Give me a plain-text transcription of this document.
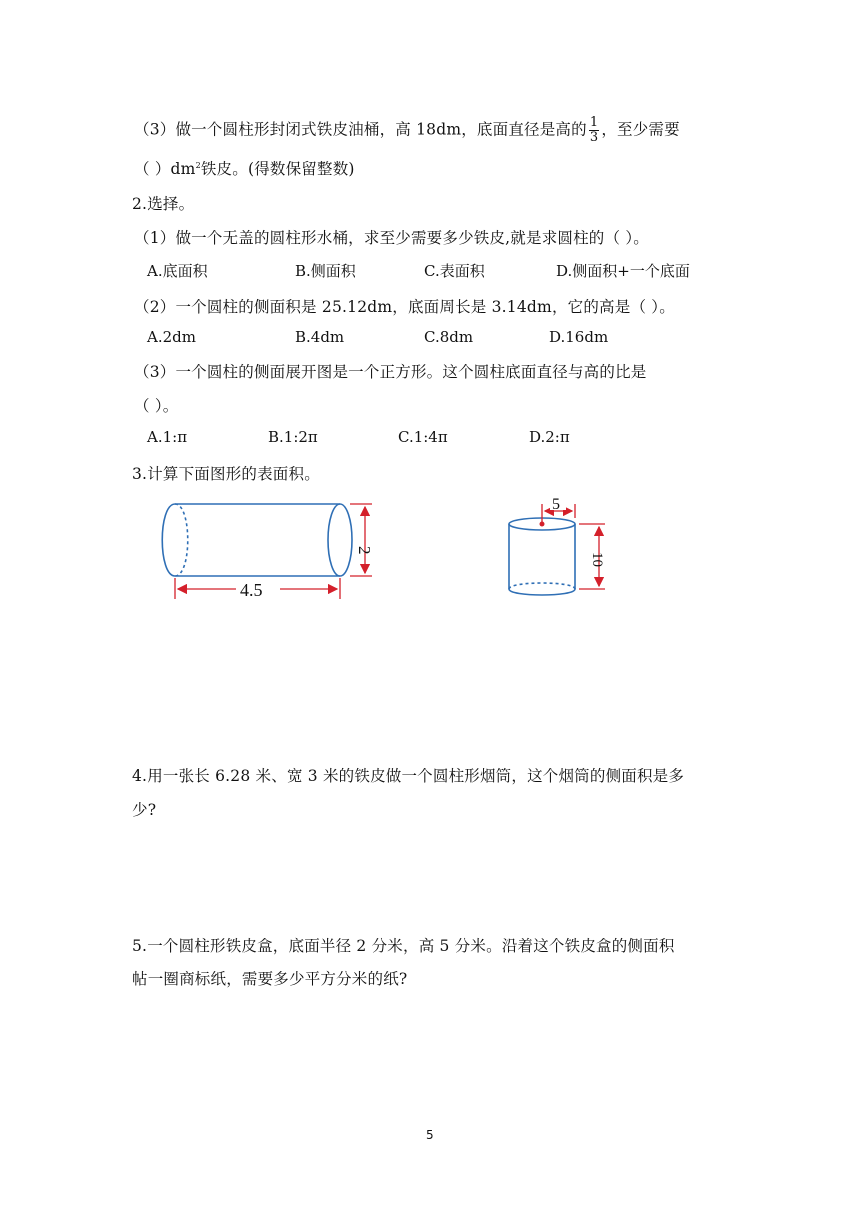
（3）做一个圆柱形封闭式铁皮油桶，高 18dm，底面直径是高的 $\frac{1}{3}$ ，至少需要
（ ）$dm^2$铁皮。(得数保留整数)
2.选择。
（1）做一个无盖的圆柱形水桶，求至少需要多少铁皮,就是求圆柱的（ ）。
A.底面积	B.侧面积	C.表面积	D.侧面积+一个底面
（2）一个圆柱的侧面积是 25.12dm，底面周长是 3.14dm，它的高是（ ）。
A.2dm	B.4dm	C.8dm	D.16dm
（3）一个圆柱的侧面展开图是一个正方形。这个圆柱底面直径与高的比是
（ ）。
A.1:π	B.1:2π	C.1:4π	D.2:π
3.计算下面图形的表面积。
2
4.5
5
10
4.用一张长 6.28 米、宽 3 米的铁皮做一个圆柱形烟筒，这个烟筒的侧面积是多
少?
5.一个圆柱形铁皮盒，底面半径 2 分米，高 5 分米。沿着这个铁皮盒的侧面积
帖一圈商标纸，需要多少平方分米的纸?
5
